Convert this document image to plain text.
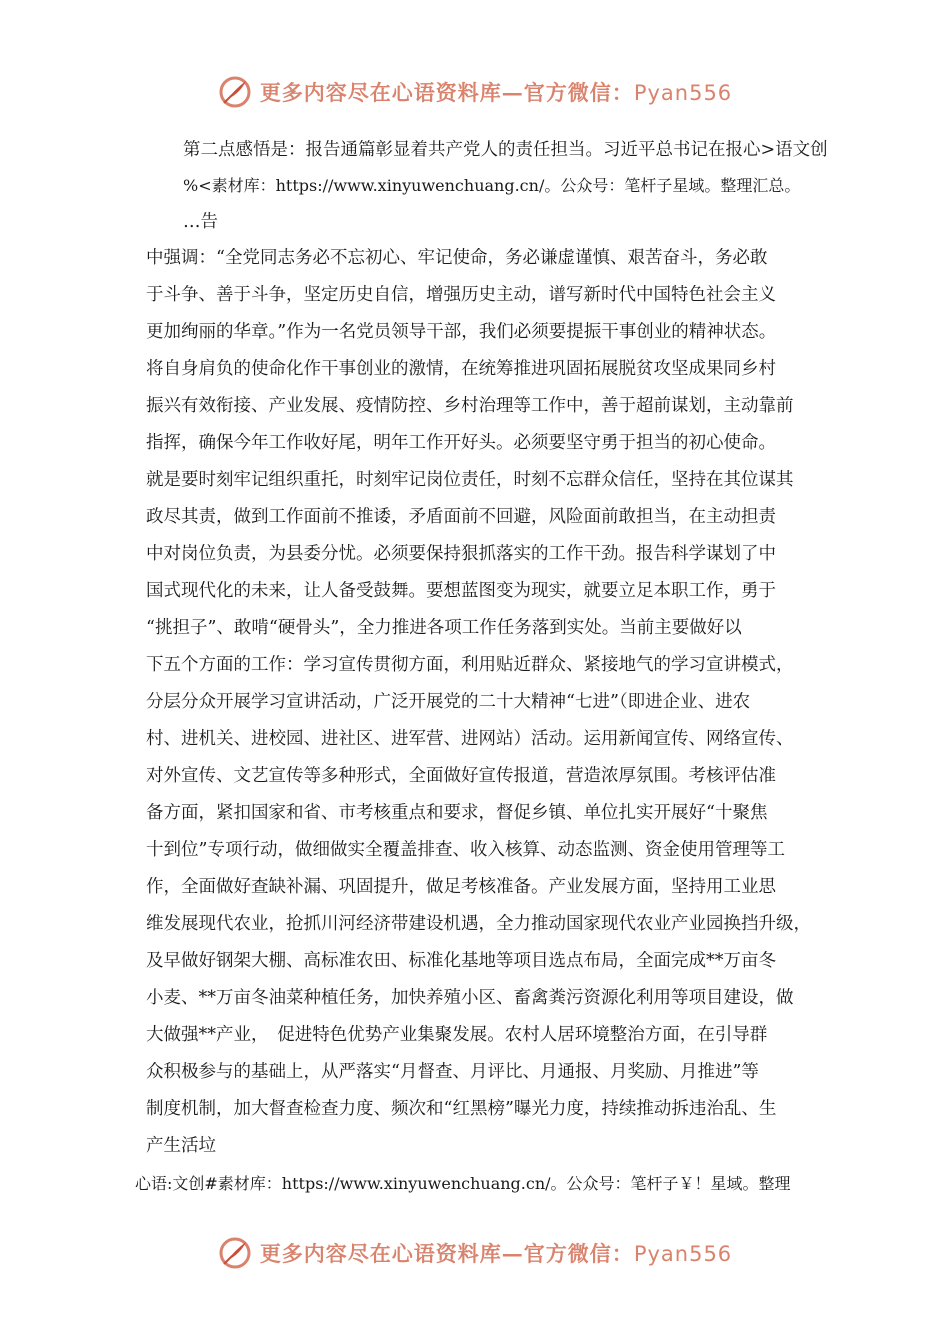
更多内容尽在心语资料库—官方微信：Pyan556
第二点感悟是：报告通篇彰显着共产党人的责任担当。习近平总书记在报心>语文创
%<素材库：https://www.xinyuwenchuang.cn/。公众号：笔杆子星域。整理汇总。
…告
中强调：“全党同志务必不忘初心、牢记使命，务必谦虚谨慎、艰苦奋斗，务必敢
于斗争、善于斗争，坚定历史自信，增强历史主动，谱写新时代中国特色社会主义
更加绚丽的华章。”作为一名党员领导干部，我们必须要提振干事创业的精神状态。
将自身肩负的使命化作干事创业的激情，在统筹推进巩固拓展脱贫攻坚成果同乡村
振兴有效衔接、产业发展、疫情防控、乡村治理等工作中，善于超前谋划，主动靠前
指挥，确保今年工作收好尾，明年工作开好头。必须要坚守勇于担当的初心使命。
就是要时刻牢记组织重托，时刻牢记岗位责任，时刻不忘群众信任，坚持在其位谋其
政尽其责，做到工作面前不推诿，矛盾面前不回避，风险面前敢担当，在主动担责
中对岗位负责，为县委分忧。必须要保持狠抓落实的工作干劲。报告科学谋划了中
国式现代化的未来，让人备受鼓舞。要想蓝图变为现实，就要立足本职工作，勇于
“挑担子”、敢啃“硬骨头”，全力推进各项工作任务落到实处。当前主要做好以
下五个方面的工作：学习宣传贯彻方面，利用贴近群众、紧接地气的学习宣讲模式，
分层分众开展学习宣讲活动，广泛开展党的二十大精神“七进”（即进企业、进农
村、进机关、进校园、进社区、进军营、进网站）活动。运用新闻宣传、网络宣传、
对外宣传、文艺宣传等多种形式，全面做好宣传报道，营造浓厚氛围。考核评估准
备方面，紧扣国家和省、市考核重点和要求，督促乡镇、单位扎实开展好“十聚焦
十到位”专项行动，做细做实全覆盖排查、收入核算、动态监测、资金使用管理等工
作，全面做好查缺补漏、巩固提升，做足考核准备。产业发展方面，坚持用工业思
维发展现代农业，抢抓川河经济带建设机遇，全力推动国家现代农业产业园换挡升级，
及早做好钢架大棚、高标准农田、标准化基地等项目选点布局，全面完成**万亩冬
小麦、**万亩冬油菜种植任务，加快养殖小区、畜禽粪污资源化利用等项目建设，做
大做强**产业，　促进特色优势产业集聚发展。农村人居环境整治方面，在引导群
众积极参与的基础上，从严落实“月督查、月评比、月通报、月奖励、月推进”等
制度机制，加大督查检查力度、频次和“红黑榜”曝光力度，持续推动拆违治乱、生
产生活垃
心语:文创#素材库：https://www.xinyuwenchuang.cn/。公众号：笔杆子￥！星域。整理
更多内容尽在心语资料库—官方微信：Pyan556
